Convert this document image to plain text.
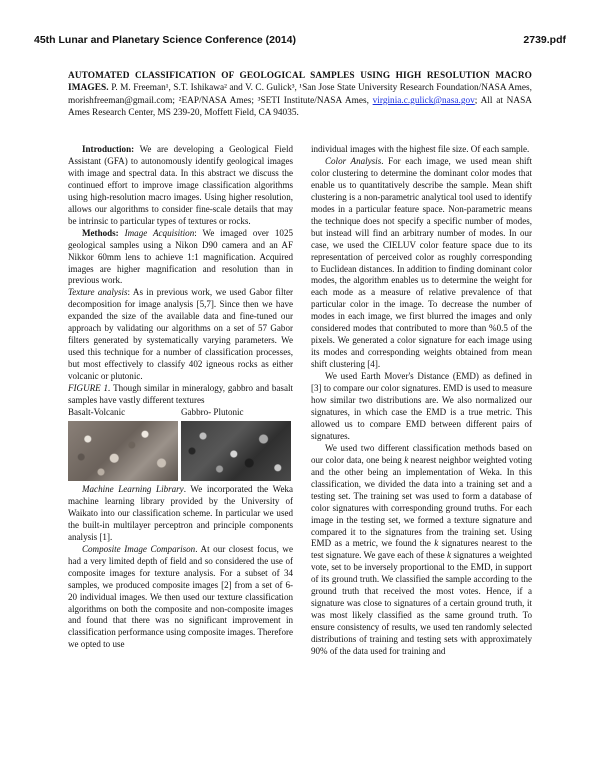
45th Lunar and Planetary Science Conference (2014)	2739.pdf
AUTOMATED CLASSIFICATION OF GEOLOGICAL SAMPLES USING HIGH RESOLUTION MACRO IMAGES. P. M. Freeman¹, S.T. Ishikawa² and V. C. Gulick³, ¹San Jose State University Research Foundation/NASA Ames, morishfreeman@gmail.com; ²EAP/NASA Ames; ³SETI Institute/NASA Ames, virginia.c.gulick@nasa.gov; All at NASA Ames Research Center, MS 239-20, Moffett Field, CA 94035.

Introduction: We are developing a Geological Field Assistant (GFA) to autonomously identify geological images with image and spectral data. In this abstract we discuss the continued effort to improve image classification algorithms using high-resolution macro images. Using higher resolution, allows our algorithms to consider fine-scale details that may be intrinsic to particular types of textures or rocks.

Methods: Image Acquisition: We imaged over 1025 geological samples using a Nikon D90 camera and an AF Nikkor 60mm lens to achieve 1:1 magnification. Acquired images are higher magnification and resolution than in previous work.

Texture analysis: As in previous work, we used Gabor filter decomposition for image analysis [5,7]. Since then we have expanded the size of the available data and fine-tuned our approach by validating our algorithms on a set of 57 Gabor filters generated by systematically varying parameters. We used this technique for a number of classification processes, but most effectively to classify 402 igneous rocks as either volcanic or plutonic.

FIGURE 1. Though similar in mineralogy, gabbro and basalt samples have vastly different textures

Basalt-Volcanic	Gabbro- Plutonic

Machine Learning Library. We incorporated the Weka machine learning library provided by the University of Waikato into our classification scheme. In particular we used the built-in multilayer perceptron and principle components analysis [1].

Composite Image Comparison. At our closest focus, we had a very limited depth of field and so considered the use of composite images for texture analysis. For a subset of 34 samples, we produced composite images [2] from a set of 6-20 individual images. We then used our texture classification algorithms on both the composite and non-composite images and found that there was no significant improvement in classification performance using composite images. Therefore we opted to use

individual images with the highest file size. Of each sample.

Color Analysis. For each image, we used mean shift color clustering to determine the dominant color modes that enable us to quantitatively describe the sample. Mean shift clustering is a non-parametric analytical tool used to identify modes in a particular feature space. Non-parametric means the technique does not specify a specific number of modes, but instead will find an arbitrary number of modes. In our case, we used the CIELUV color feature space due to its representation of perceived color as roughly corresponding to Euclidean distances. In addition to finding dominant color modes, the algorithm enables us to determine the weight for each mode as a measure of relative prevalence of that particular color in the image. To decrease the number of modes in each image, we first blurred the images and only considered modes that contributed to more than %0.5 of the pixels. We generated a color signature for each image using its modes and corresponding weights obtained from mean shift clustering [4].

We used Earth Mover's Distance (EMD) as defined in [3] to compare our color signatures. EMD is used to measure how similar two distributions are. We also normalized our signatures, in which case the EMD is a true metric. This allowed us to compare EMD between different pairs of signatures.

We used two different classification methods based on our color data, one being k nearest neighbor weighted voting and the other being an implementation of Weka. In this classification, we divided the data into a training set and a testing set. The training set was used to form a database of color signatures with corresponding ground truths. For each image in the testing set, we formed a texture signature and compared it to the signatures from the training set. Using EMD as a metric, we found the k signatures nearest to the test signature. We gave each of these k signatures a weighted vote, set to be inversely proportional to the EMD, in support of its ground truth. We classified the sample according to the ground truth that received the most votes. Hence, if a signature was close to signatures of a certain ground truth, it was most likely classified as the same ground truth. To ensure consistency of results, we used ten randomly selected distributions of training and testing sets with approximately 90% of the data used for training and
